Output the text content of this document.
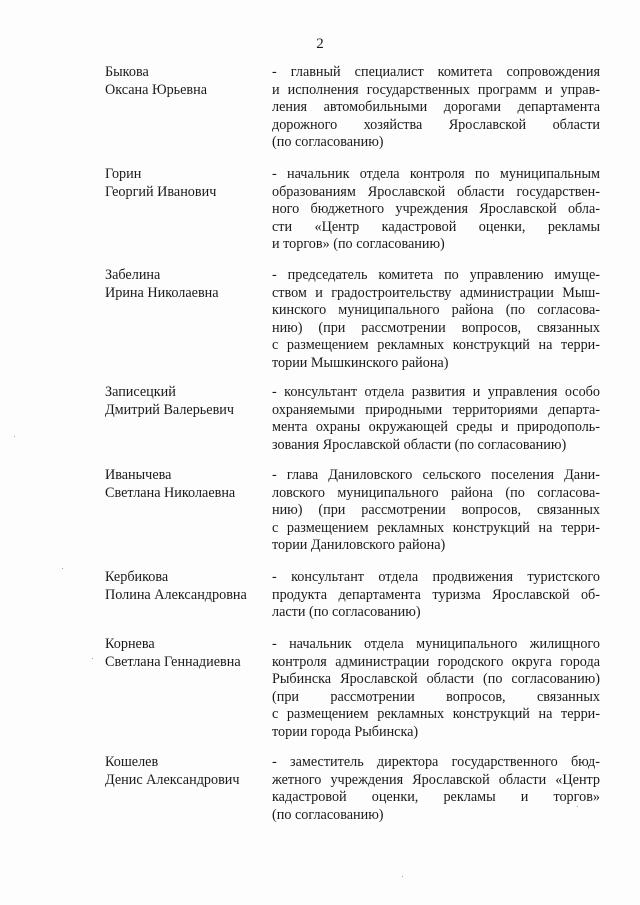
2
Быкова
Оксана Юрьевна
- главный специалист комитета сопровождения
и исполнения государственных программ и управ-
ления автомобильными дорогами департамента
дорожного хозяйства Ярославской области
(по согласованию)
Горин
Георгий Иванович
- начальник отдела контроля по муниципальным
образованиям Ярославской области государствен-
ного бюджетного учреждения Ярославской обла-
сти «Центр кадастровой оценки, рекламы
и торгов» (по согласованию)
Забелина
Ирина Николаевна
- председатель комитета по управлению имуще-
ством и градостроительству администрации Мыш-
кинского муниципального района (по согласова-
нию) (при рассмотрении вопросов, связанных
с размещением рекламных конструкций на терри-
тории Мышкинского района)
Записецкий
Дмитрий Валерьевич
- консультант отдела развития и управления особо
охраняемыми природными территориями департа-
мента охраны окружающей среды и природополь-
зования Ярославской области (по согласованию)
Иванычева
Светлана Николаевна
- глава Даниловского сельского поселения Дани-
ловского муниципального района (по согласова-
нию) (при рассмотрении вопросов, связанных
с размещением рекламных конструкций на терри-
тории Даниловского района)
Кербикова
Полина Александровна
- консультант отдела продвижения туристского
продукта департамента туризма Ярославской об-
ласти (по согласованию)
Корнева
Светлана Геннадиевна
- начальник отдела муниципального жилищного
контроля администрации городского округа города
Рыбинска Ярославской области (по согласованию)
(при рассмотрении вопросов, связанных
с размещением рекламных конструкций на терри-
тории города Рыбинска)
Кошелев
Денис Александрович
- заместитель директора государственного бюд-
жетного учреждения Ярославской области «Центр
кадастровой оценки, рекламы и торгов»
(по согласованию)
